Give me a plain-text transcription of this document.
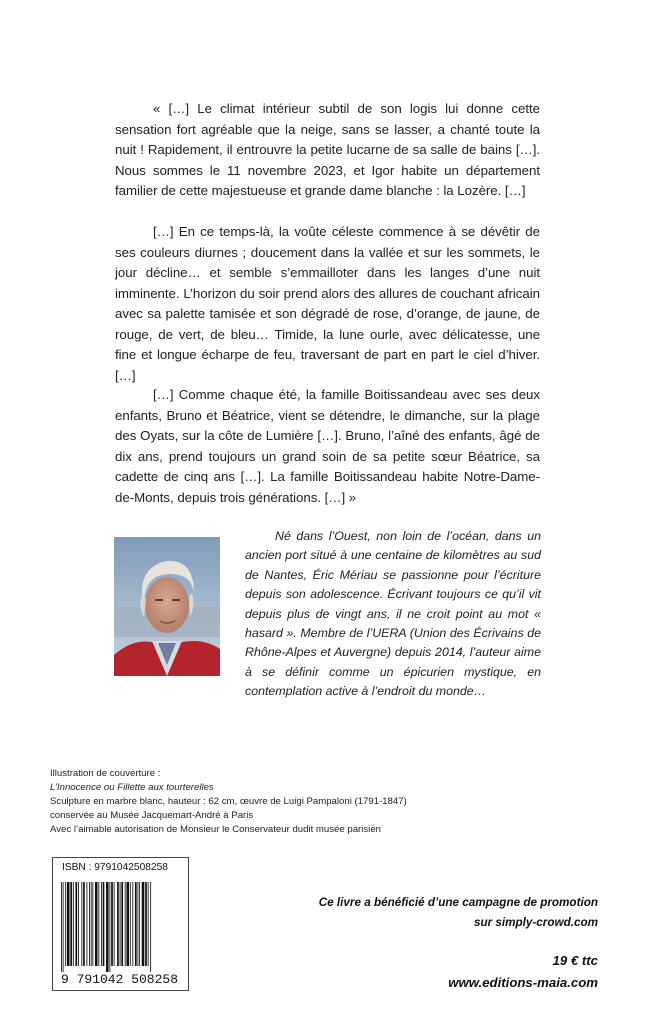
« […] Le climat intérieur subtil de son logis lui donne cette sensation fort agréable que la neige, sans se lasser, a chanté toute la nuit ! Rapidement, il entrouvre la petite lucarne de sa salle de bains […]. Nous sommes le 11 novembre 2023, et Igor habite un département familier de cette majestueuse et grande dame blanche : la Lozère. […]

[…] En ce temps-là, la voûte céleste commence à se dévêtir de ses couleurs diurnes ; doucement dans la vallée et sur les sommets, le jour décline… et semble s’emmailloter dans les langes d’une nuit imminente. L’horizon du soir prend alors des allures de couchant africain avec sa palette tamisée et son dégradé de rose, d’orange, de jaune, de rouge, de vert, de bleu… Timide, la lune ourle, avec délicatesse, une fine et longue écharpe de feu, traversant de part en part le ciel d’hiver. […]

[…] Comme chaque été, la famille Boitissandeau avec ses deux enfants, Bruno et Béatrice, vient se détendre, le dimanche, sur la plage des Oyats, sur la côte de Lumière […]. Bruno, l’aîné des enfants, âgé de dix ans, prend toujours un grand soin de sa petite sœur Béatrice, sa cadette de cinq ans […]. La famille Boitissandeau habite Notre-Dame-de-Monts, depuis trois générations. […] »

Né dans l’Ouest, non loin de l’océan, dans un ancien port situé à une centaine de kilomètres au sud de Nantes, Éric Mériau se passionne pour l’écriture depuis son adolescence. Écrivant toujours ce qu’il vit depuis plus de vingt ans, il ne croit point au mot « hasard ». Membre de l’UERA (Union des Écrivains de Rhône-Alpes et Auvergne) depuis 2014, l’auteur aime à se définir comme un épicurien mystique, en contemplation active à l’endroit du monde…

Illustration de couverture :
L’Innocence ou Fillette aux tourterelles
Sculpture en marbre blanc, hauteur : 62 cm, œuvre de Luigi Pampaloni (1791-1847)
conservée au Musée Jacquemart-André à Paris
Avec l’aimable autorisation de Monsieur le Conservateur dudit musée parisien
ISBN : 9791042508258
9 791042 508258
Ce livre a bénéficié d’une campagne de promotion
sur simply-crowd.com
19 € ttc
www.editions-maia.com
